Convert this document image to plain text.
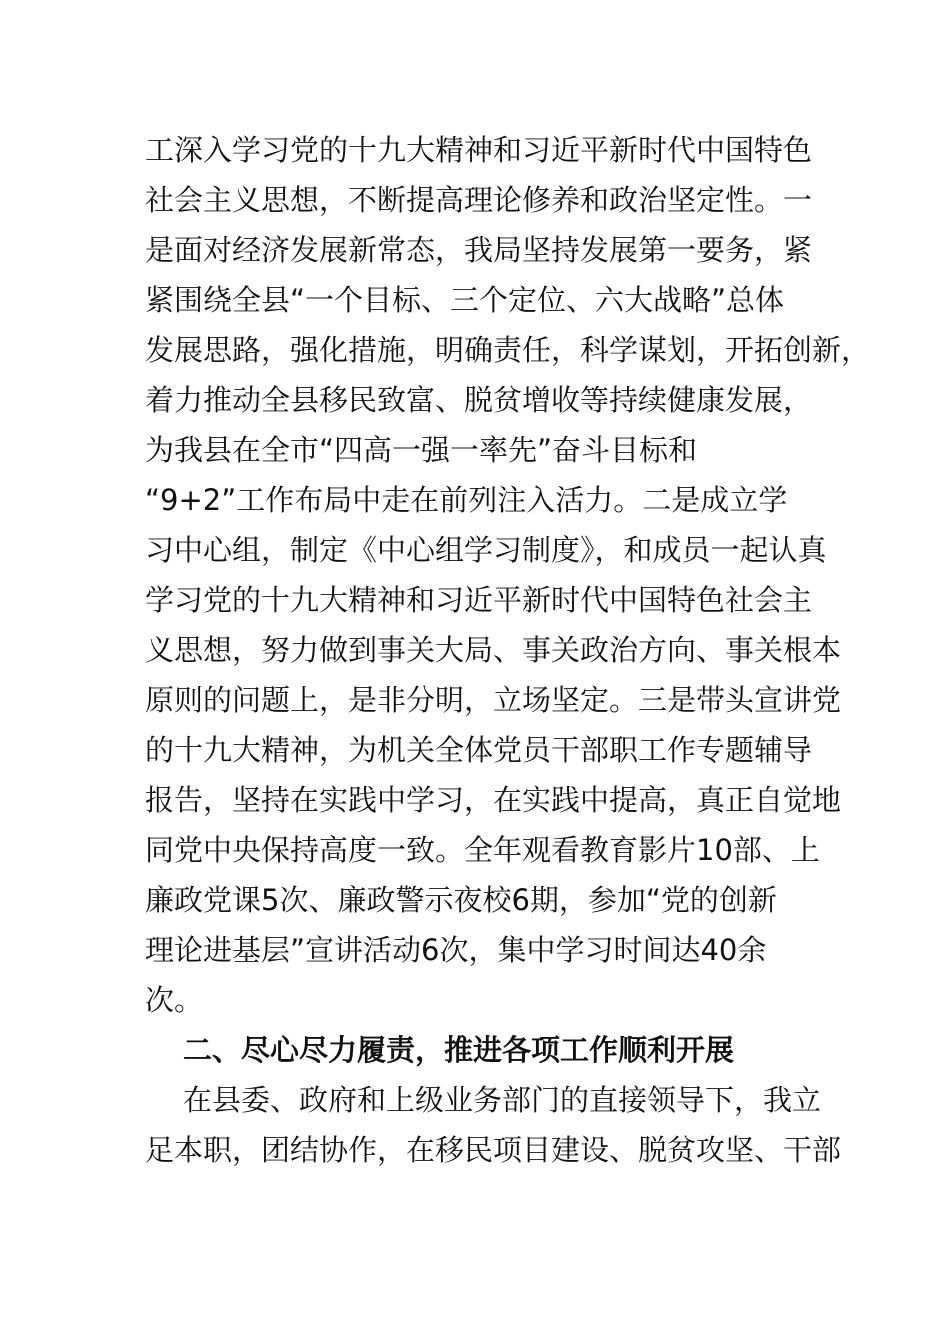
工深入学习党的十九大精神和习近平新时代中国特色
社会主义思想，不断提高理论修养和政治坚定性。一
是面对经济发展新常态，我局坚持发展第一要务，紧
紧围绕全县“一个目标、三个定位、六大战略”总体
发展思路，强化措施，明确责任，科学谋划，开拓创新，
着力推动全县移民致富、脱贫增收等持续健康发展，
为我县在全市“四高一强一率先”奋斗目标和
“9+2”工作布局中走在前列注入活力。二是成立学
习中心组，制定《中心组学习制度》，和成员一起认真
学习党的十九大精神和习近平新时代中国特色社会主
义思想，努力做到事关大局、事关政治方向、事关根本
原则的问题上，是非分明，立场坚定。三是带头宣讲党
的十九大精神，为机关全体党员干部职工作专题辅导
报告，坚持在实践中学习，在实践中提高，真正自觉地
同党中央保持高度一致。全年观看教育影片10部、上
廉政党课5次、廉政警示夜校6期，参加“党的创新
理论进基层”宣讲活动6次，集中学习时间达40余
次。
二、尽心尽力履责，推进各项工作顺利开展
在县委、政府和上级业务部门的直接领导下，我立
足本职，团结协作，在移民项目建设、脱贫攻坚、干部
